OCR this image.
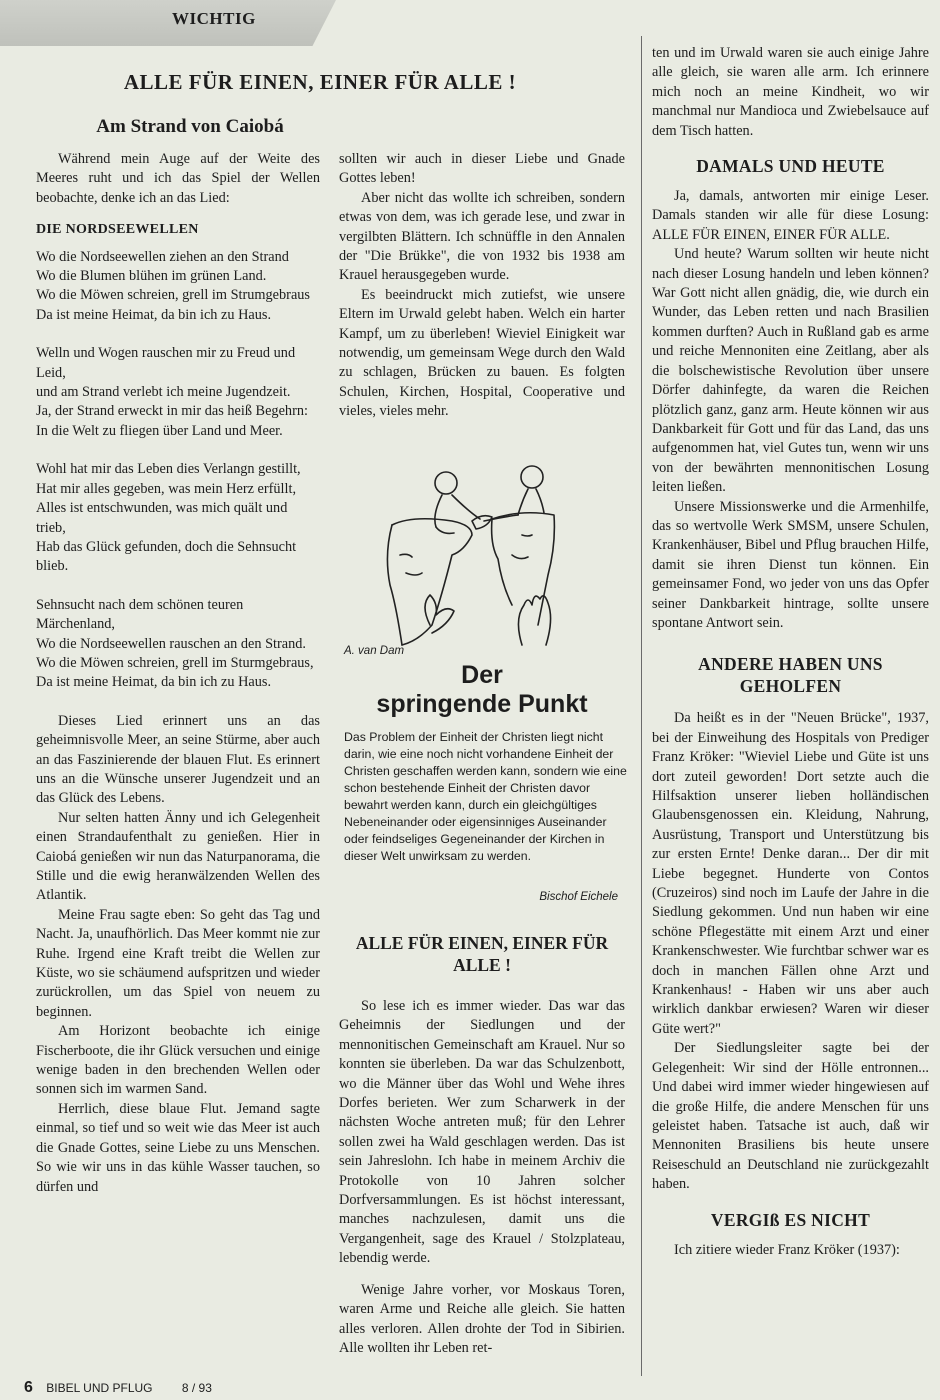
WICHTIG
ALLE FÜR EINEN, EINER FÜR ALLE !
Am Strand von Caiobá

Während mein Auge auf der Weite des Meeres ruht und ich das Spiel der Wellen beobachte, denke ich an das Lied:

DIE NORDSEEWELLEN
Wo die Nordseewellen ziehen an den Strand
Wo die Blumen blühen im grünen Land.
Wo die Möwen schreien, grell im Strumgebraus
Da ist meine Heimat, da bin ich zu Haus.
Welln und Wogen rauschen mir zu Freud und Leid,
und am Strand verlebt ich meine Jugendzeit.
Ja, der Strand erweckt in mir das heiß Begehrn:
In die Welt zu fliegen über Land und Meer.
Wohl hat mir das Leben dies Verlangn gestillt,
Hat mir alles gegeben, was mein Herz erfüllt,
Alles ist entschwunden, was mich quält und trieb,
Hab das Glück gefunden, doch die Sehnsucht blieb.
Sehnsucht nach dem schönen teuren Märchenland,
Wo die Nordseewellen rauschen an den Strand.
Wo die Möwen schreien, grell im Sturmgebraus,
Da ist meine Heimat, da bin ich zu Haus.

Dieses Lied erinnert uns an das geheimnisvolle Meer, an seine Stürme, aber auch an das Faszinierende der blauen Flut. Es erinnert uns an die Wünsche unserer Jugendzeit und an das Glück des Lebens.

Nur selten hatten Änny und ich Gelegenheit einen Strandaufenthalt zu genießen. Hier in Caiobá genießen wir nun das Naturpanorama, die Stille und die ewig heranwälzenden Wellen des Atlantik.

Meine Frau sagte eben: So geht das Tag und Nacht. Ja, unaufhörlich. Das Meer kommt nie zur Ruhe. Irgend eine Kraft treibt die Wellen zur Küste, wo sie schäumend aufspritzen und wieder zurückrollen, um das Spiel von neuem zu beginnen.

Am Horizont beobachte ich einige Fischerboote, die ihr Glück versuchen und einige wenige baden in den brechenden Wellen oder sonnen sich im warmen Sand.

Herrlich, diese blaue Flut. Jemand sagte einmal, so tief und so weit wie das Meer ist auch die Gnade Gottes, seine Liebe zu uns Menschen. So wie wir uns in das kühle Wasser tauchen, so dürfen und

sollten wir auch in dieser Liebe und Gnade Gottes leben!

Aber nicht das wollte ich schreiben, sondern etwas von dem, was ich gerade lese, und zwar in vergilbten Blättern. Ich schnüffle in den Annalen der "Die Brükke", die von 1932 bis 1938 am Krauel herausgegeben wurde.

Es beeindruckt mich zutiefst, wie unsere Eltern im Urwald gelebt haben. Welch ein harter Kampf, um zu überleben! Wieviel Einigkeit war notwendig, um gemeinsam Wege durch den Wald zu schlagen, Brücken zu bauen. Es folgten Schulen, Kirchen, Hospital, Cooperative und vieles, vieles mehr.

A. van Dam
Der
springende Punkt
Das Problem der Einheit der Christen liegt nicht darin, wie eine noch nicht vorhandene Einheit der Christen geschaffen werden kann, sondern wie eine schon bestehende Einheit der Christen davor bewahrt werden kann, durch ein gleichgültiges Nebeneinander oder eigensinniges Auseinander oder feindseliges Gegeneinander der Kirchen in dieser Welt unwirksam zu werden.
Bischof Eichele
ALLE FÜR EINEN, EINER FÜR ALLE !

So lese ich es immer wieder. Das war das Geheimnis der Siedlungen und der mennonitischen Gemeinschaft am Krauel. Nur so konnten sie überleben. Da war das Schulzenbott, wo die Männer über das Wohl und Wehe ihres Dorfes berieten. Wer zum Scharwerk in der nächsten Woche antreten muß; für den Lehrer sollen zwei ha Wald geschlagen werden. Das ist sein Jahreslohn. Ich habe in meinem Archiv die Protokolle von 10 Jahren solcher Dorfversammlungen. Es ist höchst interessant, manches nachzulesen, damit uns die Vergangenheit, sage des Krauel / Stolzplateau, lebendig werde.

Wenige Jahre vorher, vor Moskaus Toren, waren Arme und Reiche alle gleich. Sie hatten alles verloren. Allen drohte der Tod in Sibirien. Alle wollten ihr Leben ret-

ten und im Urwald waren sie auch einige Jahre alle gleich, sie waren alle arm. Ich erinnere mich noch an meine Kindheit, wo wir manchmal nur Mandioca und Zwiebelsauce auf dem Tisch hatten.

DAMALS UND HEUTE

Ja, damals, antworten mir einige Leser. Damals standen wir alle für diese Losung: ALLE FÜR EINEN, EINER FÜR ALLE.

Und heute? Warum sollten wir heute nicht nach dieser Losung handeln und leben können? War Gott nicht allen gnädig, die, wie durch ein Wunder, das Leben retten und nach Brasilien kommen durften? Auch in Rußland gab es arme und reiche Mennoniten eine Zeitlang, aber als die bolschewistische Revolution über unsere Dörfer dahinfegte, da waren die Reichen plötzlich ganz, ganz arm. Heute können wir aus Dankbarkeit für Gott und für das Land, das uns aufgenommen hat, viel Gutes tun, wenn wir uns von der bewährten mennonitischen Losung leiten ließen.

Unsere Missionswerke und die Armenhilfe, das so wertvolle Werk SMSM, unsere Schulen, Krankenhäuser, Bibel und Pflug brauchen Hilfe, damit sie ihren Dienst tun können. Ein gemeinsamer Fond, wo jeder von uns das Opfer seiner Dankbarkeit hintrage, sollte unsere spontane Antwort sein.

ANDERE HABEN UNS GEHOLFEN

Da heißt es in der "Neuen Brücke", 1937, bei der Einweihung des Hospitals von Prediger Franz Kröker: "Wieviel Liebe und Güte ist uns dort zuteil geworden! Dort setzte auch die Hilfsaktion unserer lieben holländischen Glaubensgenossen ein. Kleidung, Nahrung, Ausrüstung, Transport und Unterstützung bis zur ersten Ernte! Denke daran... Der dir mit Liebe begegnet. Hunderte von Contos (Cruzeiros) sind noch im Laufe der Jahre in die Siedlung gekommen. Und nun haben wir eine schöne Pflegestätte mit einem Arzt und einer Krankenschwester. Wie furchtbar schwer war es doch in manchen Fällen ohne Arzt und Krankenhaus! - Haben wir uns aber auch wirklich dankbar erwiesen? Waren wir dieser Güte wert?"

Der Siedlungsleiter sagte bei der Gelegenheit: Wir sind der Hölle entronnen... Und dabei wird immer wieder hingewiesen auf die große Hilfe, die andere Menschen für uns geleistet haben. Tatsache ist auch, daß wir Mennoniten Brasiliens bis heute unsere Reiseschuld an Deutschland nie zurückgezahlt haben.

VERGIß ES NICHT

Ich zitiere wieder Franz Kröker (1937):

6 BIBEL UND PFLUG 8 / 93
